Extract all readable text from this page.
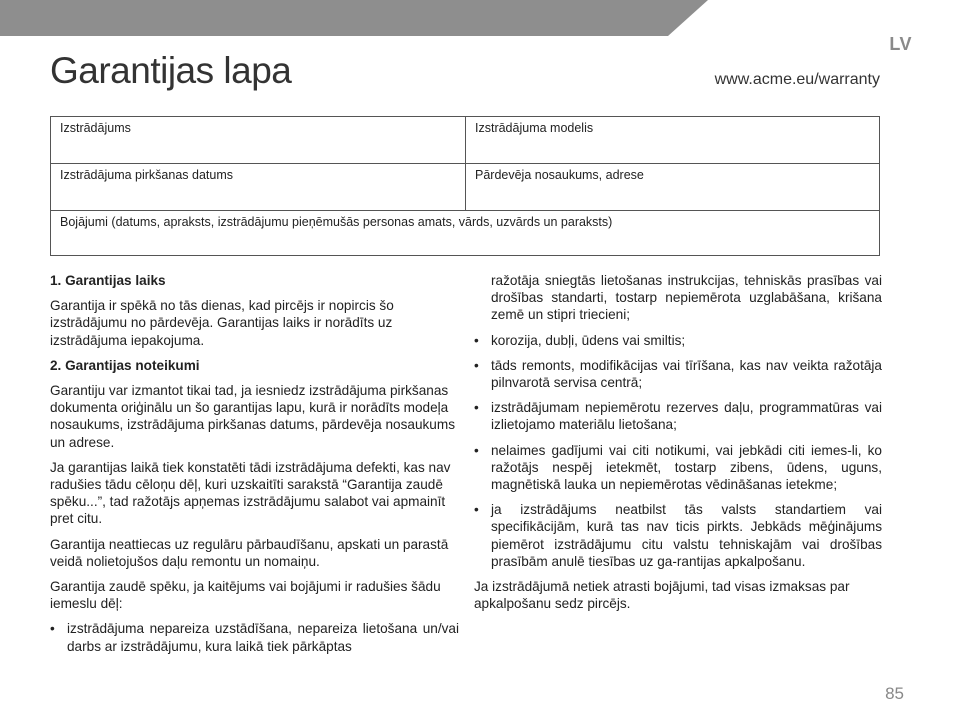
LV
Garantijas lapa	www.acme.eu/warranty
Izstrādājums	Izstrādājuma modelis
Izstrādājuma pirkšanas datums	Pārdevēja nosaukums, adrese
Bojājumi (datums, apraksts, izstrādājumu pieņēmušās personas amats, vārds, uzvārds un paraksts)
1. Garantijas laiks

Garantija ir spēkā no tās dienas, kad pircējs ir nopircis šo izstrādājumu no pārdevēja. Garantijas laiks ir norādīts uz izstrādājuma iepakojuma.

2. Garantijas noteikumi

Garantiju var izmantot tikai tad, ja iesniedz izstrādājuma pirkšanas dokumenta oriģinālu un šo garantijas lapu, kurā ir norādīts modeļa nosaukums, izstrādājuma pirkšanas datums, pārdevēja nosaukums un adrese.

Ja garantijas laikā tiek konstatēti tādi izstrādājuma defekti, kas nav radušies tādu cēloņu dēļ, kuri uzskaitīti sarakstā “Garantija zaudē spēku...”, tad ražotājs apņemas izstrādājumu salabot vai apmainīt pret citu.

Garantija neattiecas uz regulāru pārbaudīšanu, apskati un parastā veidā nolietojušos daļu remontu un nomaiņu.

Garantija zaudē spēku, ja kaitējums vai bojājumi ir radušies šādu iemeslu dēļ:

• izstrādājuma nepareiza uzstādīšana, nepareiza lietošana un/vai darbs ar izstrādājumu, kura laikā tiek pārkāptas
ražotāja sniegtās lietošanas instrukcijas, tehniskās prasības vai drošības standarti, tostarp nepiemērota uzglabāšana, krišana zemē un stipri triecieni;
• korozija, dubļi, ūdens vai smiltis;
• tāds remonts, modifikācijas vai tīrīšana, kas nav veikta ražotāja pilnvarotā servisa centrā;
• izstrādājumam nepiemērotu rezerves daļu, programmatūras vai izlietojamo materiālu lietošana;
• nelaimes gadījumi vai citi notikumi, vai jebkādi citi iemes-li, ko ražotājs nespēj ietekmēt, tostarp zibens, ūdens, uguns, magnētiskā lauka un nepiemērotas vēdināšanas ietekme;
• ja izstrādājums neatbilst tās valsts standartiem vai specifikācijām, kurā tas nav ticis pirkts. Jebkāds mēģinājums piemērot izstrādājumu citu valstu tehniskajām vai drošības prasībām anulē tiesības uz ga-rantijas apkalpošanu.

Ja izstrādājumā netiek atrasti bojājumi, tad visas izmaksas par apkalpošanu sedz pircējs.

85
